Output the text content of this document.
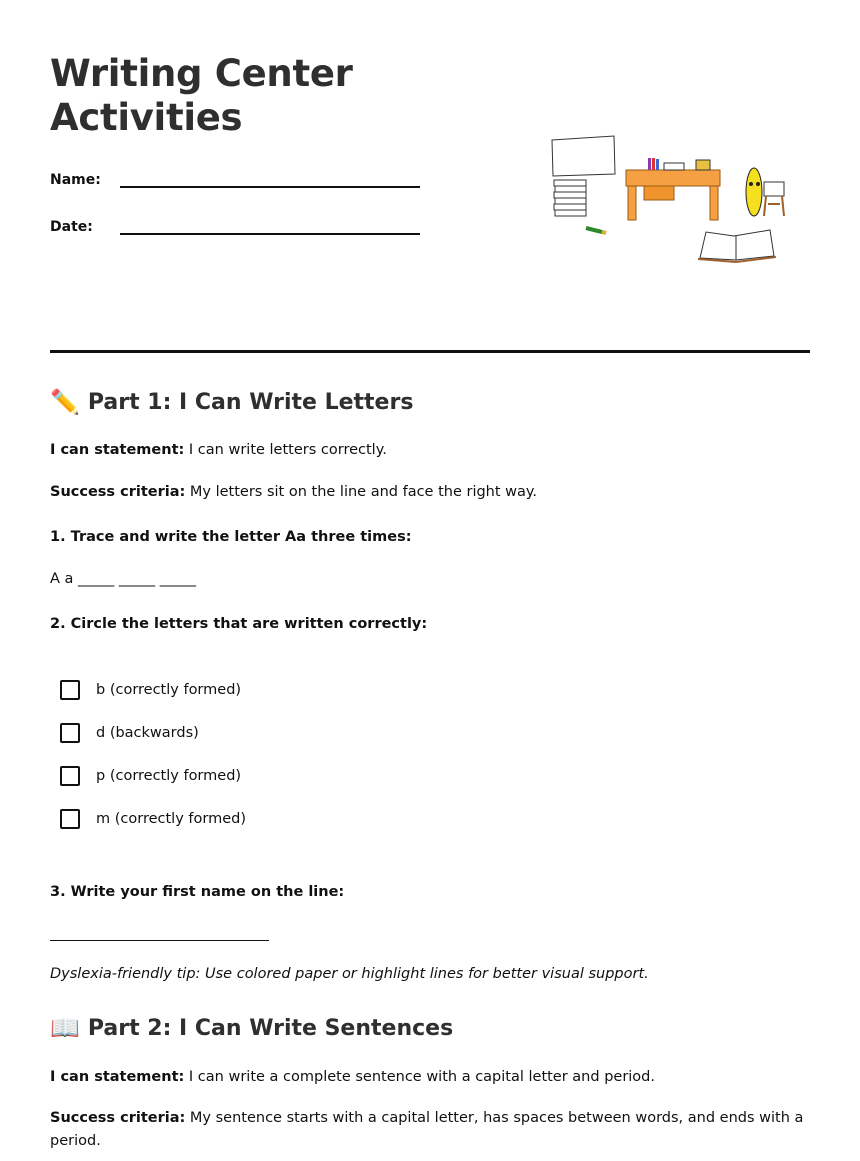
Writing Center
Activities
Name:
Date:
✏️ Part 1: I Can Write Letters

I can statement: I can write letters correctly.

Success criteria: My letters sit on the line and face the right way.

1. Trace and write the letter Aa three times:

A a _____ _____ _____

2. Circle the letters that are written correctly:

b (correctly formed)
d (backwards)
p (correctly formed)
m (correctly formed)

3. Write your first name on the line:

Dyslexia-friendly tip: Use colored paper or highlight lines for better visual support.

📖 Part 2: I Can Write Sentences

I can statement: I can write a complete sentence with a capital letter and period.

Success criteria: My sentence starts with a capital letter, has spaces between words, and ends with a period.
